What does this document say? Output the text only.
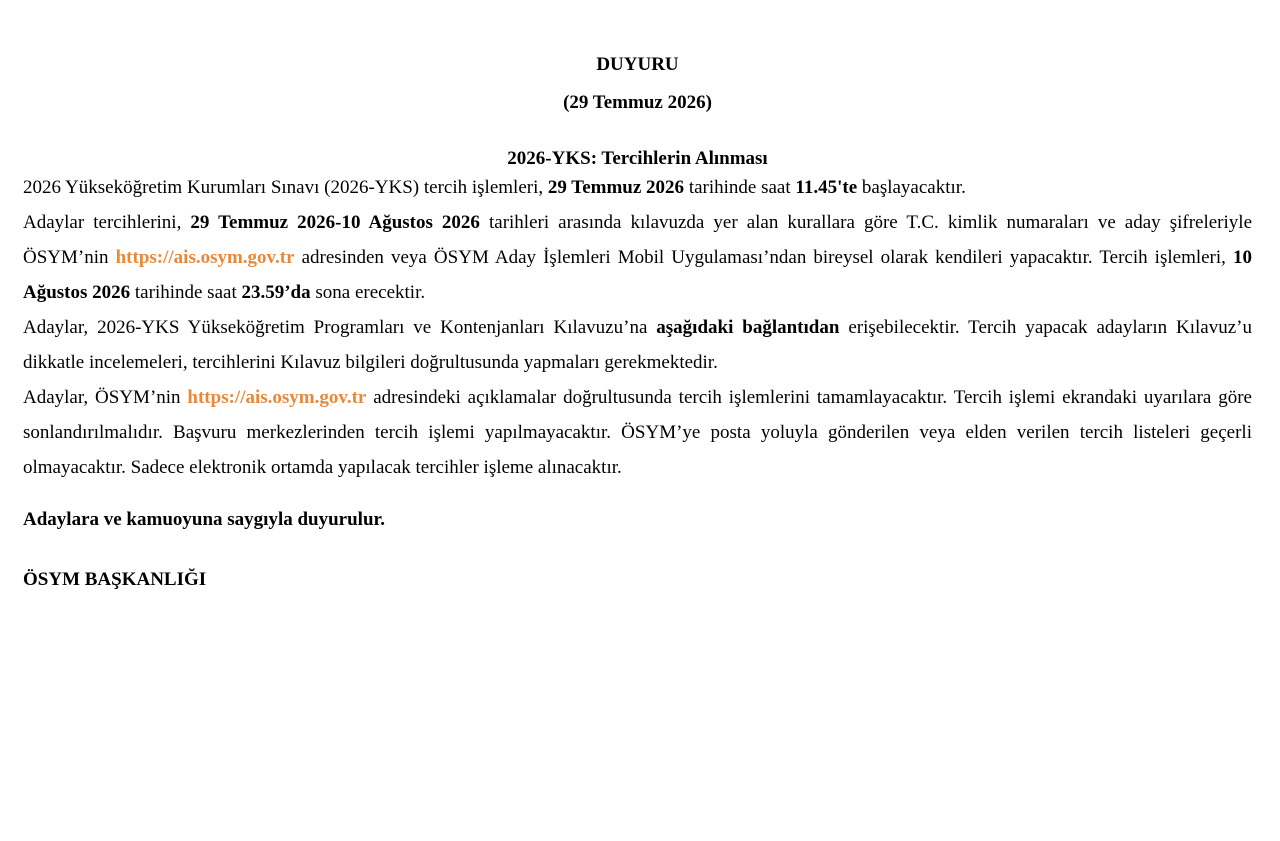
DUYURU
(29 Temmuz 2026)
2026-YKS: Tercihlerin Alınması

2026 Yükseköğretim Kurumları Sınavı (2026-YKS) tercih işlemleri, 29 Temmuz 2026 tarihinde saat 11.45'te başlayacaktır.

Adaylar tercihlerini, 29 Temmuz 2026-10 Ağustos 2026 tarihleri arasında kılavuzda yer alan kurallara göre T.C. kimlik numaraları ve aday şifreleriyle ÖSYM’nin https://ais.osym.gov.tr adresinden veya ÖSYM Aday İşlemleri Mobil Uygulaması’ndan bireysel olarak kendileri yapacaktır. Tercih işlemleri, 10 Ağustos 2026 tarihinde saat 23.59’da sona erecektir.

Adaylar, 2026-YKS Yükseköğretim Programları ve Kontenjanları Kılavuzu’na aşağıdaki bağlantıdan erişebilecektir. Tercih yapacak adayların Kılavuz’u dikkatle incelemeleri, tercihlerini Kılavuz bilgileri doğrultusunda yapmaları gerekmektedir.

Adaylar, ÖSYM’nin https://ais.osym.gov.tr adresindeki açıklamalar doğrultusunda tercih işlemlerini tamamlayacaktır. Tercih işlemi ekrandaki uyarılara göre sonlandırılmalıdır. Başvuru merkezlerinden tercih işlemi yapılmayacaktır. ÖSYM’ye posta yoluyla gönderilen veya elden verilen tercih listeleri geçerli olmayacaktır. Sadece elektronik ortamda yapılacak tercihler işleme alınacaktır.

Adaylara ve kamuoyuna saygıyla duyurulur.

ÖSYM BAŞKANLIĞI
